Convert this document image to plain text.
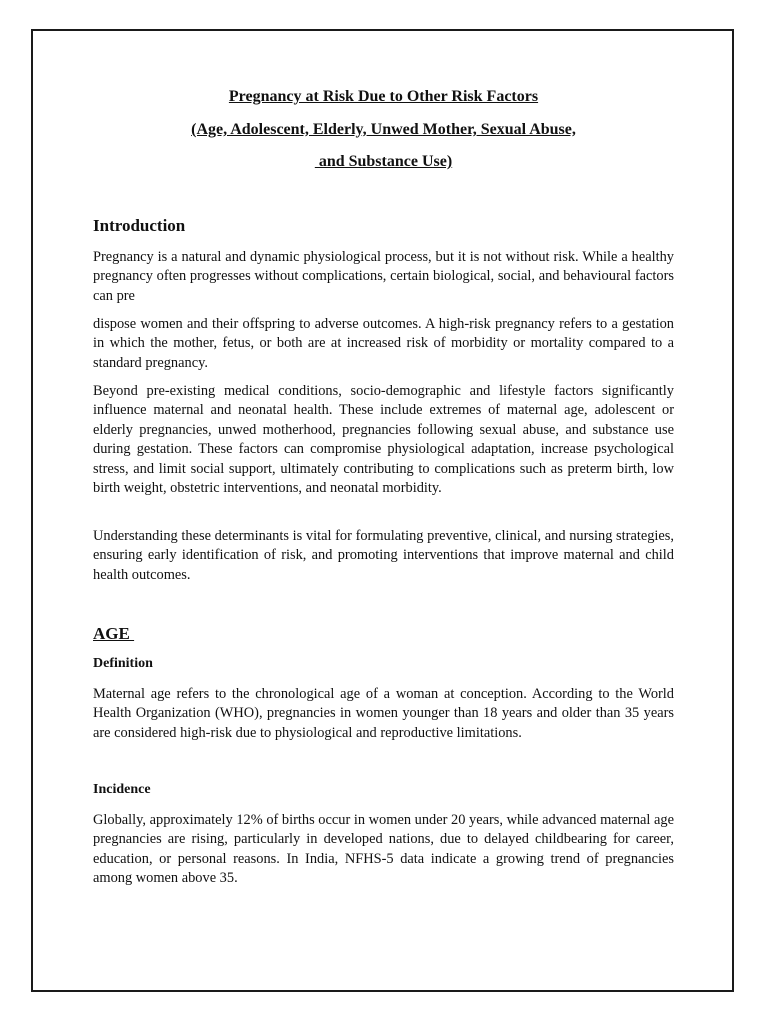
Pregnancy at Risk Due to Other Risk Factors
(Age, Adolescent, Elderly, Unwed Mother, Sexual Abuse,
and Substance Use)
Introduction

Pregnancy is a natural and dynamic physiological process, but it is not without risk. While a healthy pregnancy often progresses without complications, certain biological, social, and behavioural factors can pre

dispose women and their offspring to adverse outcomes. A high-risk pregnancy refers to a gestation in which the mother, fetus, or both are at increased risk of morbidity or mortality compared to a standard pregnancy.

Beyond pre-existing medical conditions, socio-demographic and lifestyle factors significantly influence maternal and neonatal health. These include extremes of maternal age, adolescent or elderly pregnancies, unwed motherhood, pregnancies following sexual abuse, and substance use during gestation. These factors can compromise physiological adaptation, increase psychological stress, and limit social support, ultimately contributing to complications such as preterm birth, low birth weight, obstetric interventions, and neonatal morbidity.

Understanding these determinants is vital for formulating preventive, clinical, and nursing strategies, ensuring early identification of risk, and promoting interventions that improve maternal and child health outcomes.

AGE
Definition

Maternal age refers to the chronological age of a woman at conception. According to the World Health Organization (WHO), pregnancies in women younger than 18 years and older than 35 years are considered high-risk due to physiological and reproductive limitations.

Incidence

Globally, approximately 12% of births occur in women under 20 years, while advanced maternal age pregnancies are rising, particularly in developed nations, due to delayed childbearing for career, education, or personal reasons. In India, NFHS-5 data indicate a growing trend of pregnancies among women above 35.
